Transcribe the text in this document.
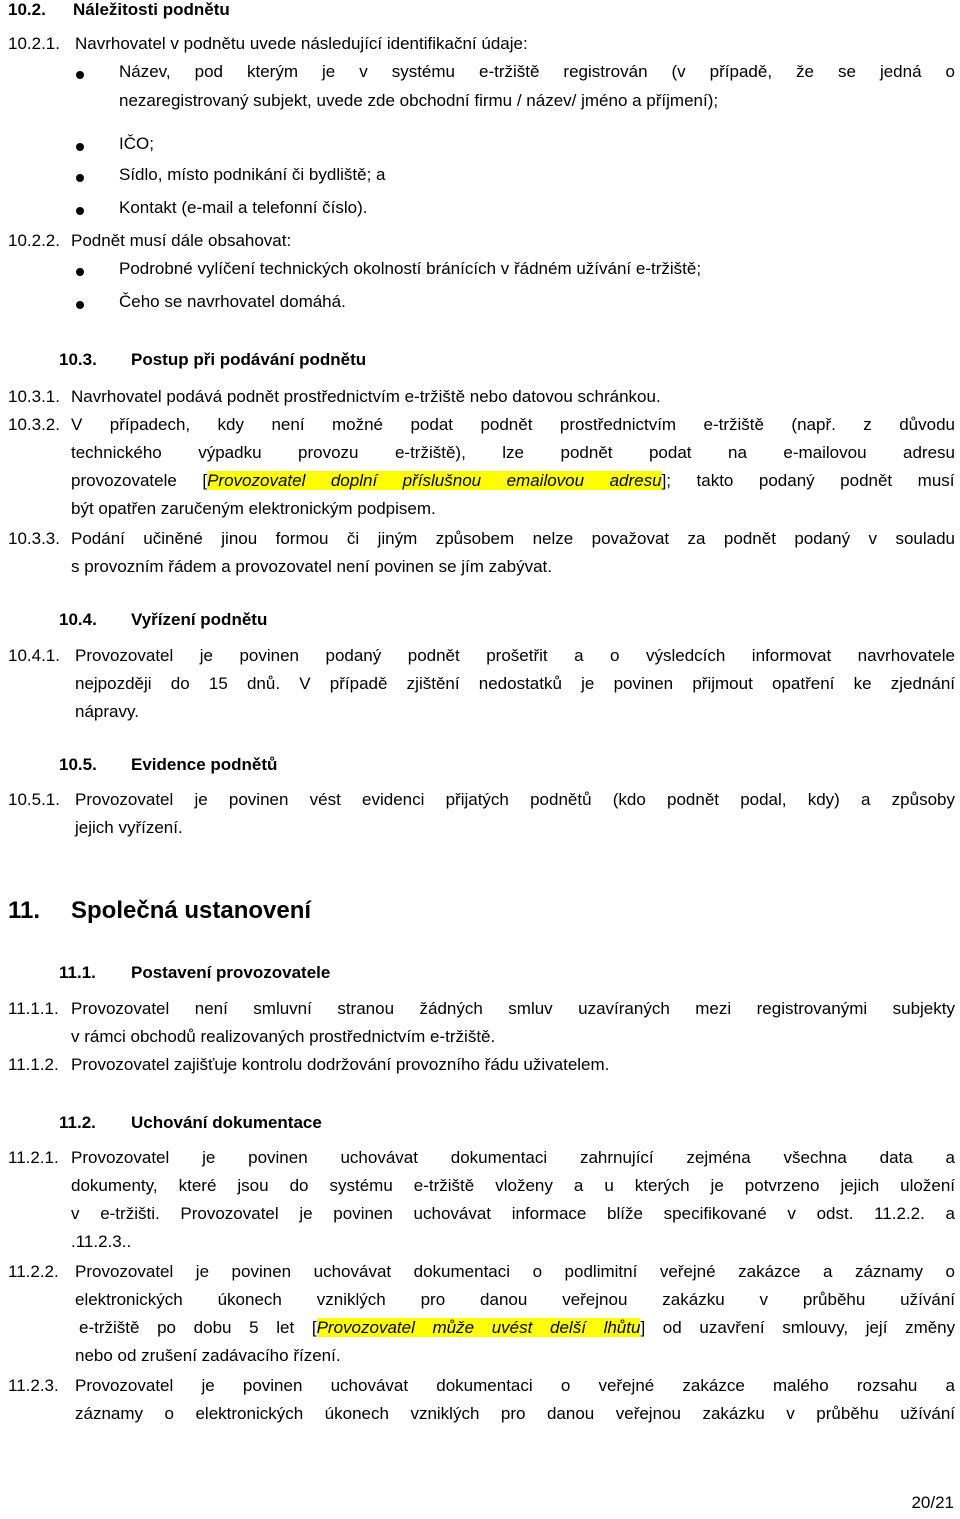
10.2. Náležitosti podnětu
10.2.1. Navrhovatel v podnětu uvede následující identifikační údaje:
Název, pod kterým je v systému e-tržiště registrován (v případě, že se jedná o
nezaregistrovaný subjekt, uvede zde obchodní firmu / název/ jméno a příjmení);
IČO;
Sídlo, místo podnikání či bydliště; a
Kontakt (e-mail a telefonní číslo).
10.2.2. Podnět musí dále obsahovat:
Podrobné vylíčení technických okolností bránících v řádném užívání e-tržiště;
Čeho se navrhovatel domáhá.
10.3. Postup při podávání podnětu
10.3.1. Navrhovatel podává podnět prostřednictvím e-tržiště nebo datovou schránkou.
10.3.2. V případech, kdy není možné podat podnět prostřednictvím e-tržiště (např. z důvodu
technického výpadku provozu e-tržiště), lze podnět podat na e-mailovou adresu
provozovatele [Provozovatel doplní příslušnou emailovou adresu]; takto podaný podnět musí
být opatřen zaručeným elektronickým podpisem.
10.3.3. Podání učiněné jinou formou či jiným způsobem nelze považovat za podnět podaný v souladu
s provozním řádem a provozovatel není povinen se jím zabývat.
10.4. Vyřízení podnětu
10.4.1. Provozovatel je povinen podaný podnět prošetřit a o výsledcích informovat navrhovatele
nejpozději do 15 dnů. V případě zjištění nedostatků je povinen přijmout opatření ke zjednání
nápravy.
10.5. Evidence podnětů
10.5.1. Provozovatel je povinen vést evidenci přijatých podnětů (kdo podnět podal, kdy) a způsoby
jejich vyřízení.
11. Společná ustanovení
11.1. Postavení provozovatele
11.1.1. Provozovatel není smluvní stranou žádných smluv uzavíraných mezi registrovanými subjekty
v rámci obchodů realizovaných prostřednictvím e-tržiště.
11.1.2. Provozovatel zajišťuje kontrolu dodržování provozního řádu uživatelem.
11.2. Uchování dokumentace
11.2.1. Provozovatel je povinen uchovávat dokumentaci zahrnující zejména všechna data a
dokumenty, které jsou do systému e-tržiště vloženy a u kterých je potvrzeno jejich uložení
v e-tržišti. Provozovatel je povinen uchovávat informace blíže specifikované v odst. 11.2.2. a
.11.2.3..
11.2.2. Provozovatel je povinen uchovávat dokumentaci o podlimitní veřejné zakázce a záznamy o
elektronických úkonech vzniklých pro danou veřejnou zakázku v průběhu užívání
e-tržiště po dobu 5 let [Provozovatel může uvést delší lhůtu] od uzavření smlouvy, její změny
nebo od zrušení zadávacího řízení.
11.2.3. Provozovatel je povinen uchovávat dokumentaci o veřejné zakázce malého rozsahu a
záznamy o elektronických úkonech vzniklých pro danou veřejnou zakázku v průběhu užívání
20/21
